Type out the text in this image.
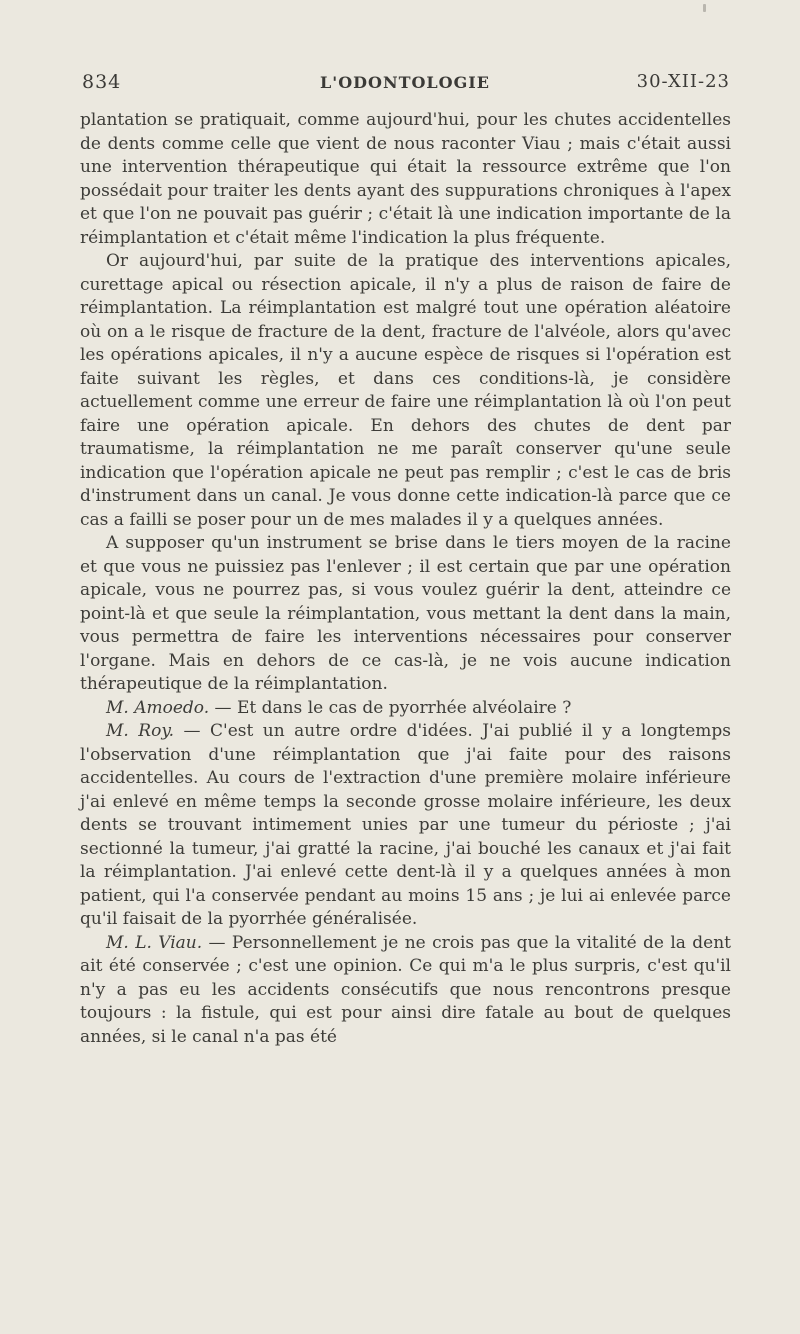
834	L'ODONTOLOGIE	30-XII-23

plantation se pratiquait, comme aujourd'hui, pour les chutes accidentelles de dents comme celle que vient de nous raconter Viau ; mais c'était aussi une intervention thérapeutique qui était la ressource extrême que l'on possédait pour traiter les dents ayant des suppurations chroniques à l'apex et que l'on ne pouvait pas guérir ; c'était là une indication importante de la réimplantation et c'était même l'indication la plus fréquente.

Or aujourd'hui, par suite de la pratique des interventions apicales, curettage apical ou résection apicale, il n'y a plus de raison de faire de réimplantation. La réimplantation est malgré tout une opération aléatoire où on a le risque de fracture de la dent, fracture de l'alvéole, alors qu'avec les opérations apicales, il n'y a aucune espèce de risques si l'opération est faite suivant les règles, et dans ces conditions-là, je considère actuellement comme une erreur de faire une réimplantation là où l'on peut faire une opération apicale. En dehors des chutes de dent par traumatisme, la réimplantation ne me paraît conserver qu'une seule indication que l'opération apicale ne peut pas remplir ; c'est le cas de bris d'instrument dans un canal. Je vous donne cette indication-là parce que ce cas a failli se poser pour un de mes malades il y a quelques années.

A supposer qu'un instrument se brise dans le tiers moyen de la racine et que vous ne puissiez pas l'enlever ; il est certain que par une opération apicale, vous ne pourrez pas, si vous voulez guérir la dent, atteindre ce point-là et que seule la réimplantation, vous mettant la dent dans la main, vous permettra de faire les interventions nécessaires pour conserver l'organe. Mais en dehors de ce cas-là, je ne vois aucune indication thérapeutique de la réimplantation.

M. Amoedo. — Et dans le cas de pyorrhée alvéolaire ?

M. Roy. — C'est un autre ordre d'idées. J'ai publié il y a longtemps l'observation d'une réimplantation que j'ai faite pour des raisons accidentelles. Au cours de l'extraction d'une première molaire inférieure j'ai enlevé en même temps la seconde grosse molaire inférieure, les deux dents se trouvant intimement unies par une tumeur du périoste ; j'ai sectionné la tumeur, j'ai gratté la racine, j'ai bouché les canaux et j'ai fait la réimplantation. J'ai enlevé cette dent-là il y a quelques années à mon patient, qui l'a conservée pendant au moins 15 ans ; je lui ai enlevée parce qu'il faisait de la pyorrhée généralisée.

M. L. Viau. — Personnellement je ne crois pas que la vitalité de la dent ait été conservée ; c'est une opinion. Ce qui m'a le plus surpris, c'est qu'il n'y a pas eu les accidents consécutifs que nous rencontrons presque toujours : la fistule, qui est pour ainsi dire fatale au bout de quelques années, si le canal n'a pas été
